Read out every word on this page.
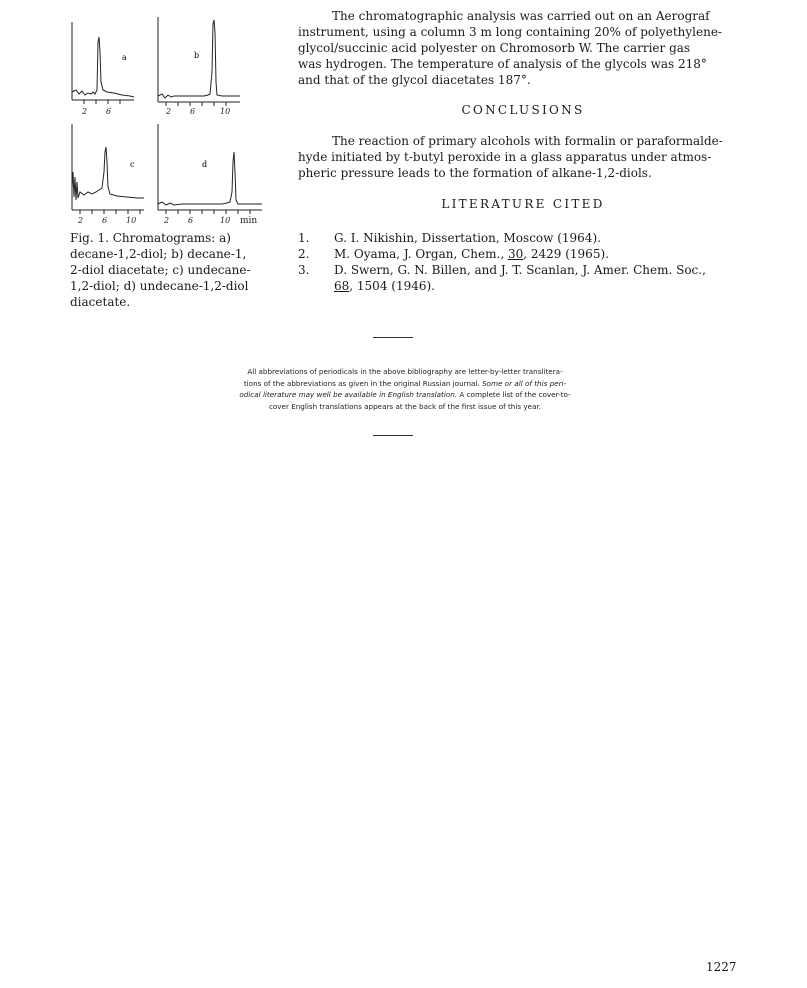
a	b
c	d
2 6	2 6	10
2 6 10	2 6	10 min
Fig. 1. Chromatograms: a)
decane-1,2-diol; b) decane-1,
2-diol diacetate; c) undecane-
1,2-diol; d) undecane-1,2-diol
diacetate.
The chromatographic analysis was carried out on an Aerograf
instrument, using a column 3 m long containing 20% of polyethylene-
glycol/succinic acid polyester on Chromosorb W. The carrier gas
was hydrogen. The temperature of analysis of the glycols was 218°
and that of the glycol diacetates 187°.
CONCLUSIONS
The reaction of primary alcohols with formalin or paraformalde-
hyde initiated by t-butyl peroxide in a glass apparatus under atmos-
pheric pressure leads to the formation of alkane-1,2-diols.
LITERATURE CITED
1.	G. I. Nikishin, Dissertation, Moscow (1964).
2.	M. Oyama, J. Organ, Chem., 30, 2429 (1965).
3.	D. Swern, G. N. Billen, and J. T. Scanlan, J. Amer. Chem. Soc.,
68, 1504 (1946).
All abbreviations of periodicals in the above bibliography are letter-by-letter translitera-
tions of the abbreviations as given in the original Russian journal. Some or all of this peri-
odical literature may well be available in English translation. A complete list of the cover-to-
cover English translations appears at the back of the first issue of this year.
1227
